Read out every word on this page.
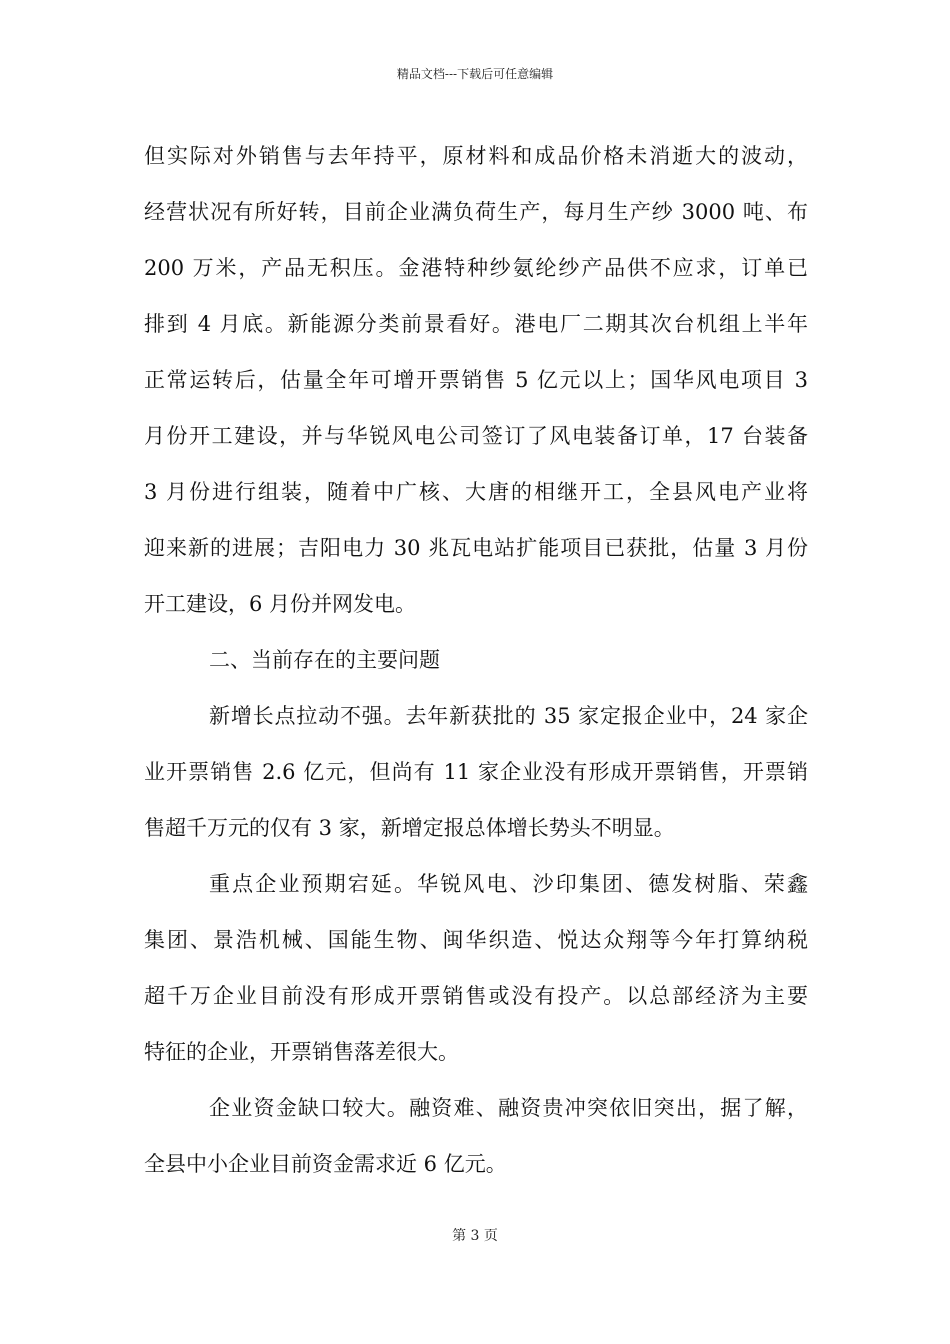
精品文档---下载后可任意编辑
但实际对外销售与去年持平，原材料和成品价格未消逝大的波动，
经营状况有所好转，目前企业满负荷生产，每月生产纱 3000 吨、布
200 万米，产品无积压。金港特种纱氨纶纱产品供不应求，订单已
排到 4 月底。新能源分类前景看好。港电厂二期其次台机组上半年
正常运转后，估量全年可增开票销售 5 亿元以上；国华风电项目 3
月份开工建设，并与华锐风电公司签订了风电装备订单，17 台装备
3 月份进行组装，随着中广核、大唐的相继开工，全县风电产业将
迎来新的进展；吉阳电力 30 兆瓦电站扩能项目已获批，估量 3 月份
开工建设，6 月份并网发电。
二、当前存在的主要问题
新增长点拉动不强。去年新获批的 35 家定报企业中，24 家企
业开票销售 2.6 亿元，但尚有 11 家企业没有形成开票销售，开票销
售超千万元的仅有 3 家，新增定报总体增长势头不明显。
重点企业预期宕延。华锐风电、沙印集团、德发树脂、荣鑫
集团、景浩机械、国能生物、闽华织造、悦达众翔等今年打算纳税
超千万企业目前没有形成开票销售或没有投产。以总部经济为主要
特征的企业，开票销售落差很大。
企业资金缺口较大。融资难、融资贵冲突依旧突出，据了解，
全县中小企业目前资金需求近 6 亿元。
第 3 页
